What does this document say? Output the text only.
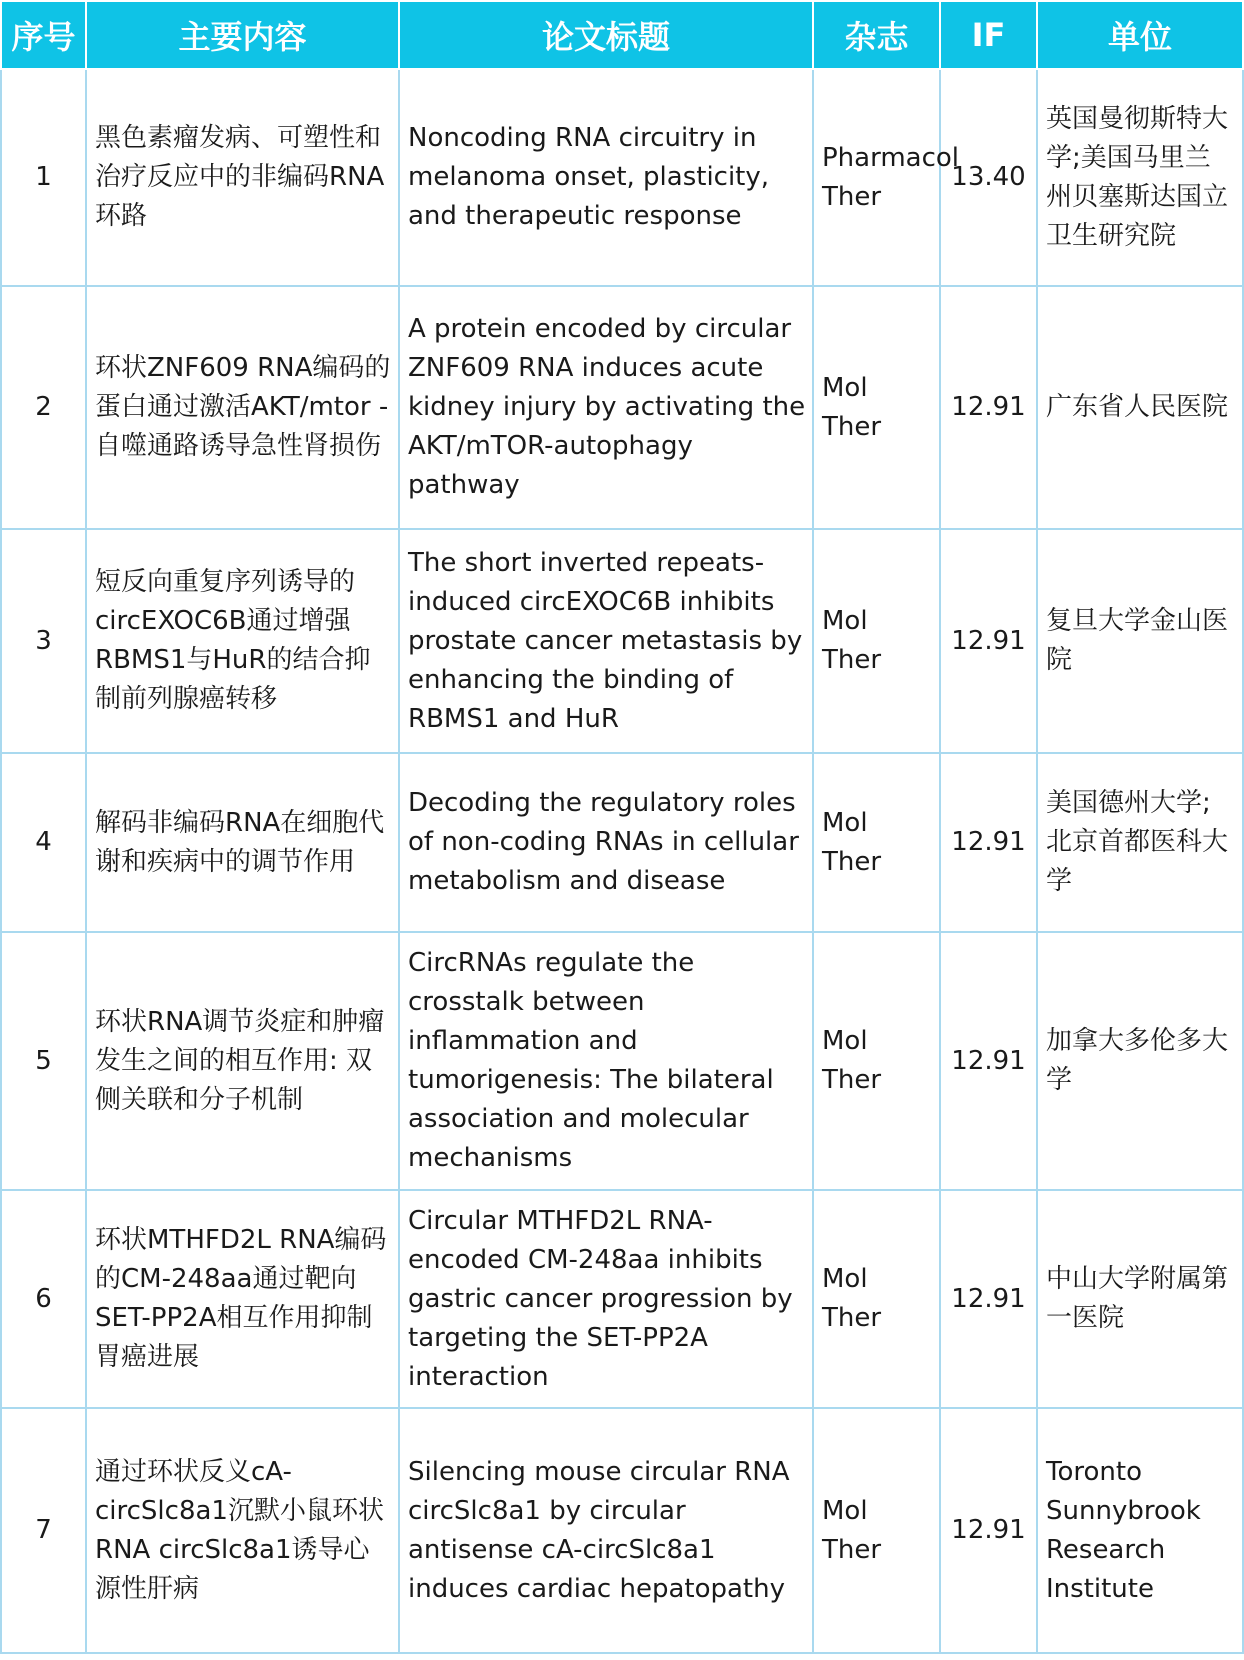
序号	主要内容	论文标题	杂志	IF	单位
1	黑色素瘤发病、可塑性和治疗反应中的非编码RNA环路	Noncoding RNA circuitry in melanoma onset, plasticity, and therapeutic response	Pharmacol Ther	13.40	英国曼彻斯特大学;美国马里兰州贝塞斯达国立卫生研究院
2	环状ZNF609 RNA编码的蛋白通过激活AKT/mtor -自噬通路诱导急性肾损伤	A protein encoded by circular ZNF609 RNA induces acute kidney injury by activating the AKT/mTOR-autophagy pathway	Mol Ther	12.91	广东省人民医院
3	短反向重复序列诱导的circEXOC6B通过增强RBMS1与HuR的结合抑制前列腺癌转移	The short inverted repeats-induced circEXOC6B inhibits prostate cancer metastasis by enhancing the binding of RBMS1 and HuR	Mol Ther	12.91	复旦大学金山医院
4	解码非编码RNA在细胞代谢和疾病中的调节作用	Decoding the regulatory roles of non-coding RNAs in cellular metabolism and disease	Mol Ther	12.91	美国德州大学;北京首都医科大学
5	环状RNA调节炎症和肿瘤发生之间的相互作用: 双侧关联和分子机制	CircRNAs regulate the crosstalk between inflammation and tumorigenesis: The bilateral association and molecular mechanisms	Mol Ther	12.91	加拿大多伦多大学
6	环状MTHFD2L RNA编码的CM-248aa通过靶向SET-PP2A相互作用抑制胃癌进展	Circular MTHFD2L RNA-encoded CM-248aa inhibits gastric cancer progression by targeting the SET-PP2A interaction	Mol Ther	12.91	中山大学附属第一医院
7	通过环状反义cA-circSlc8a1沉默小鼠环状RNA circSlc8a1诱导心源性肝病	Silencing mouse circular RNA circSlc8a1 by circular antisense cA-circSlc8a1 induces cardiac hepatopathy	Mol Ther	12.91	Toronto Sunnybrook Research Institute
